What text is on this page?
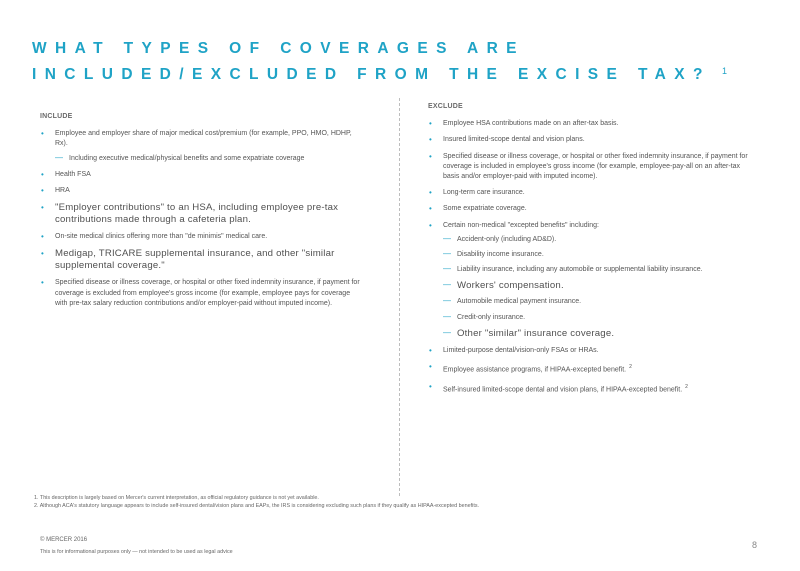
WHAT TYPES OF COVERAGES ARE
INCLUDED/EXCLUDED FROM THE EXCISE TAX? 1
INCLUDE
• Employee and employer share of major medical cost/premium (for example, PPO, HMO, HDHP, Rx).
— Including executive medical/physical benefits and some expatriate coverage
• Health FSA
• HRA
• "Employer contributions" to an HSA, including employee pre-tax contributions made through a cafeteria plan.
• On-site medical clinics offering more than "de minimis" medical care.
• Medigap, TRICARE supplemental insurance, and other "similar supplemental coverage."
• Specified disease or illness coverage, or hospital or other fixed indemnity insurance, if payment for coverage is excluded from employee's gross income (for example, employee pays for coverage with pre-tax salary reduction contributions and/or employer-paid without imputed income).
EXCLUDE
• Employee HSA contributions made on an after-tax basis.
• Insured limited-scope dental and vision plans.
• Specified disease or illness coverage, or hospital or other fixed indemnity insurance, if payment for coverage is included in employee's gross income (for example, employee-pay-all on an after-tax basis and/or employer-paid with imputed income).
• Long-term care insurance.
• Some expatriate coverage.
• Certain non-medical "excepted benefits" including:
— Accident-only (including AD&D).
— Disability income insurance.
— Liability insurance, including any automobile or supplemental liability insurance.
— Workers' compensation.
— Automobile medical payment insurance.
— Credit-only insurance.
— Other "similar" insurance coverage.
• Limited-purpose dental/vision-only FSAs or HRAs.
• Employee assistance programs, if HIPAA-excepted benefit. $^2$
• Self-insured limited-scope dental and vision plans, if HIPAA-excepted benefit. $^2$
1. This description is largely based on Mercer's current interpretation, as official regulatory guidance is not yet available.
2. Although ACA's statutory language appears to include self-insured dental/vision plans and EAPs, the IRS is considering excluding such plans if they qualify as HIPAA-excepted benefits.
© MERCER 2016
This is for informational purposes only — not intended to be used as legal advice
8
